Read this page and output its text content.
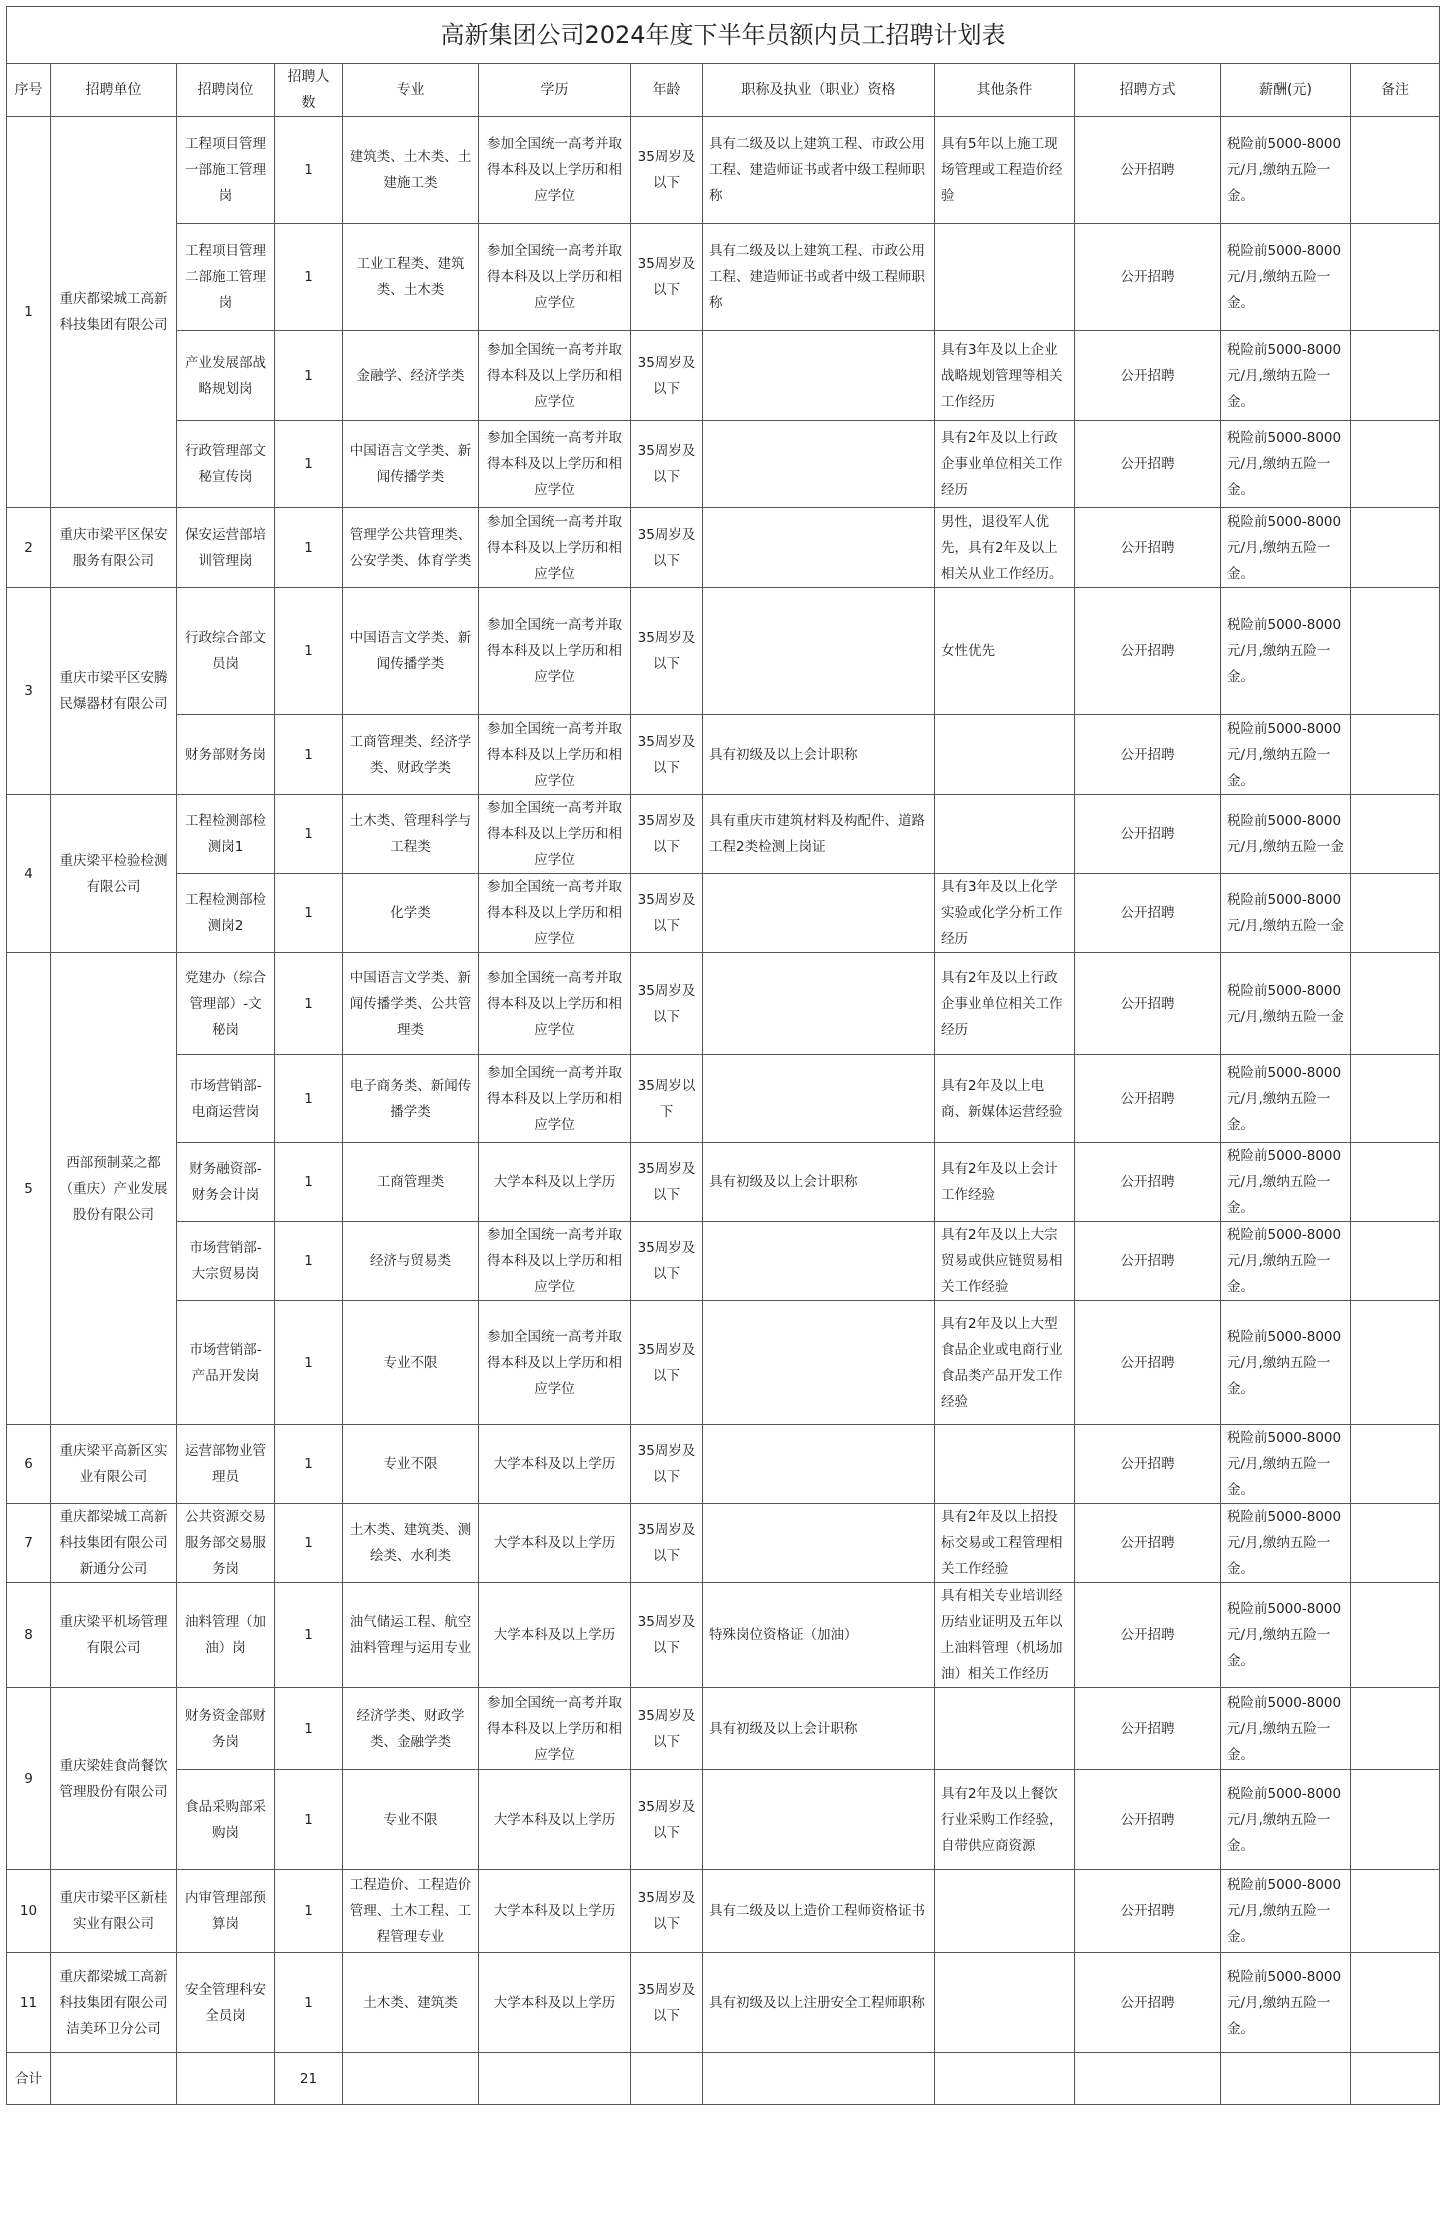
高新集团公司2024年度下半年员额内员工招聘计划表											
序号	招聘单位	招聘岗位	招聘人数	专业	学历	年龄	职称及执业（职业）资格	其他条件	招聘方式	薪酬(元)	备注
1	重庆都梁城工高新科技集团有限公司	工程项目管理一部施工管理岗	1	建筑类、土木类、土建施工类	参加全国统一高考并取得本科及以上学历和相应学位	35周岁及以下	具有二级及以上建筑工程、市政公用工程、建造师证书或者中级工程师职称	具有5年以上施工现场管理或工程造价经验	公开招聘	税险前5000-8000元/月,缴纳五险一金。	
		工程项目管理二部施工管理岗	1	工业工程类、建筑类、土木类	参加全国统一高考并取得本科及以上学历和相应学位	35周岁及以下	具有二级及以上建筑工程、市政公用工程、建造师证书或者中级工程师职称		公开招聘	税险前5000-8000元/月,缴纳五险一金。	
		产业发展部战略规划岗	1	金融学、经济学类	参加全国统一高考并取得本科及以上学历和相应学位	35周岁及以下		具有3年及以上企业战略规划管理等相关工作经历	公开招聘	税险前5000-8000元/月,缴纳五险一金。	
		行政管理部文秘宣传岗	1	中国语言文学类、新闻传播学类	参加全国统一高考并取得本科及以上学历和相应学位	35周岁及以下		具有2年及以上行政企事业单位相关工作经历	公开招聘	税险前5000-8000元/月,缴纳五险一金。	
2	重庆市梁平区保安服务有限公司	保安运营部培训管理岗	1	管理学公共管理类、公安学类、体育学类	参加全国统一高考并取得本科及以上学历和相应学位	35周岁及以下		男性，退役军人优先，具有2年及以上相关从业工作经历。	公开招聘	税险前5000-8000元/月,缴纳五险一金。	
3	重庆市梁平区安腾民爆器材有限公司	行政综合部文员岗	1	中国语言文学类、新闻传播学类	参加全国统一高考并取得本科及以上学历和相应学位	35周岁及以下		女性优先	公开招聘	税险前5000-8000元/月,缴纳五险一金。	
		财务部财务岗	1	工商管理类、经济学类、财政学类	参加全国统一高考并取得本科及以上学历和相应学位	35周岁及以下	具有初级及以上会计职称		公开招聘	税险前5000-8000元/月,缴纳五险一金。	
4	重庆梁平检验检测有限公司	工程检测部检测岗1	1	土木类、管理科学与工程类	参加全国统一高考并取得本科及以上学历和相应学位	35周岁及以下	具有重庆市建筑材料及构配件、道路工程2类检测上岗证		公开招聘	税险前5000-8000元/月,缴纳五险一金	
		工程检测部检测岗2	1	化学类	参加全国统一高考并取得本科及以上学历和相应学位	35周岁及以下		具有3年及以上化学实验或化学分析工作经历	公开招聘	税险前5000-8000元/月,缴纳五险一金	
5	西部预制菜之都（重庆）产业发展股份有限公司	党建办（综合管理部）-文秘岗	1	中国语言文学类、新闻传播学类、公共管理类	参加全国统一高考并取得本科及以上学历和相应学位	35周岁及以下		具有2年及以上行政企事业单位相关工作经历	公开招聘	税险前5000-8000元/月,缴纳五险一金	
		市场营销部-电商运营岗	1	电子商务类、新闻传播学类	参加全国统一高考并取得本科及以上学历和相应学位	35周岁以下		具有2年及以上电商、新媒体运营经验	公开招聘	税险前5000-8000元/月,缴纳五险一金。	
		财务融资部-财务会计岗	1	工商管理类	大学本科及以上学历	35周岁及以下	具有初级及以上会计职称	具有2年及以上会计工作经验	公开招聘	税险前5000-8000元/月,缴纳五险一金。	
		市场营销部-大宗贸易岗	1	经济与贸易类	参加全国统一高考并取得本科及以上学历和相应学位	35周岁及以下		具有2年及以上大宗贸易或供应链贸易相关工作经验	公开招聘	税险前5000-8000元/月,缴纳五险一金。	
		市场营销部-产品开发岗	1	专业不限	参加全国统一高考并取得本科及以上学历和相应学位	35周岁及以下		具有2年及以上大型食品企业或电商行业食品类产品开发工作经验	公开招聘	税险前5000-8000元/月,缴纳五险一金。	
6	重庆梁平高新区实业有限公司	运营部物业管理员	1	专业不限	大学本科及以上学历	35周岁及以下			公开招聘	税险前5000-8000元/月,缴纳五险一金。	
7	重庆都梁城工高新科技集团有限公司新通分公司	公共资源交易服务部交易服务岗	1	土木类、建筑类、测绘类、水利类	大学本科及以上学历	35周岁及以下		具有2年及以上招投标交易或工程管理相关工作经验	公开招聘	税险前5000-8000元/月,缴纳五险一金。	
8	重庆梁平机场管理有限公司	油料管理（加油）岗	1	油气储运工程、航空油料管理与运用专业	大学本科及以上学历	35周岁及以下	特殊岗位资格证（加油）	具有相关专业培训经历结业证明及五年以上油料管理（机场加油）相关工作经历	公开招聘	税险前5000-8000元/月,缴纳五险一金。	
9	重庆梁娃食尚餐饮管理股份有限公司	财务资金部财务岗	1	经济学类、财政学类、金融学类	参加全国统一高考并取得本科及以上学历和相应学位	35周岁及以下	具有初级及以上会计职称		公开招聘	税险前5000-8000元/月,缴纳五险一金。	
		食品采购部采购岗	1	专业不限	大学本科及以上学历	35周岁及以下		具有2年及以上餐饮行业采购工作经验，自带供应商资源	公开招聘	税险前5000-8000元/月,缴纳五险一金。	
10	重庆市梁平区新桂实业有限公司	内审管理部预算岗	1	工程造价、工程造价管理、土木工程、工程管理专业	大学本科及以上学历	35周岁及以下	具有二级及以上造价工程师资格证书		公开招聘	税险前5000-8000元/月,缴纳五险一金。	
11	重庆都梁城工高新科技集团有限公司洁美环卫分公司	安全管理科安全员岗	1	土木类、建筑类	大学本科及以上学历	35周岁及以下	具有初级及以上注册安全工程师职称		公开招聘	税险前5000-8000元/月,缴纳五险一金。	
合计			21								
